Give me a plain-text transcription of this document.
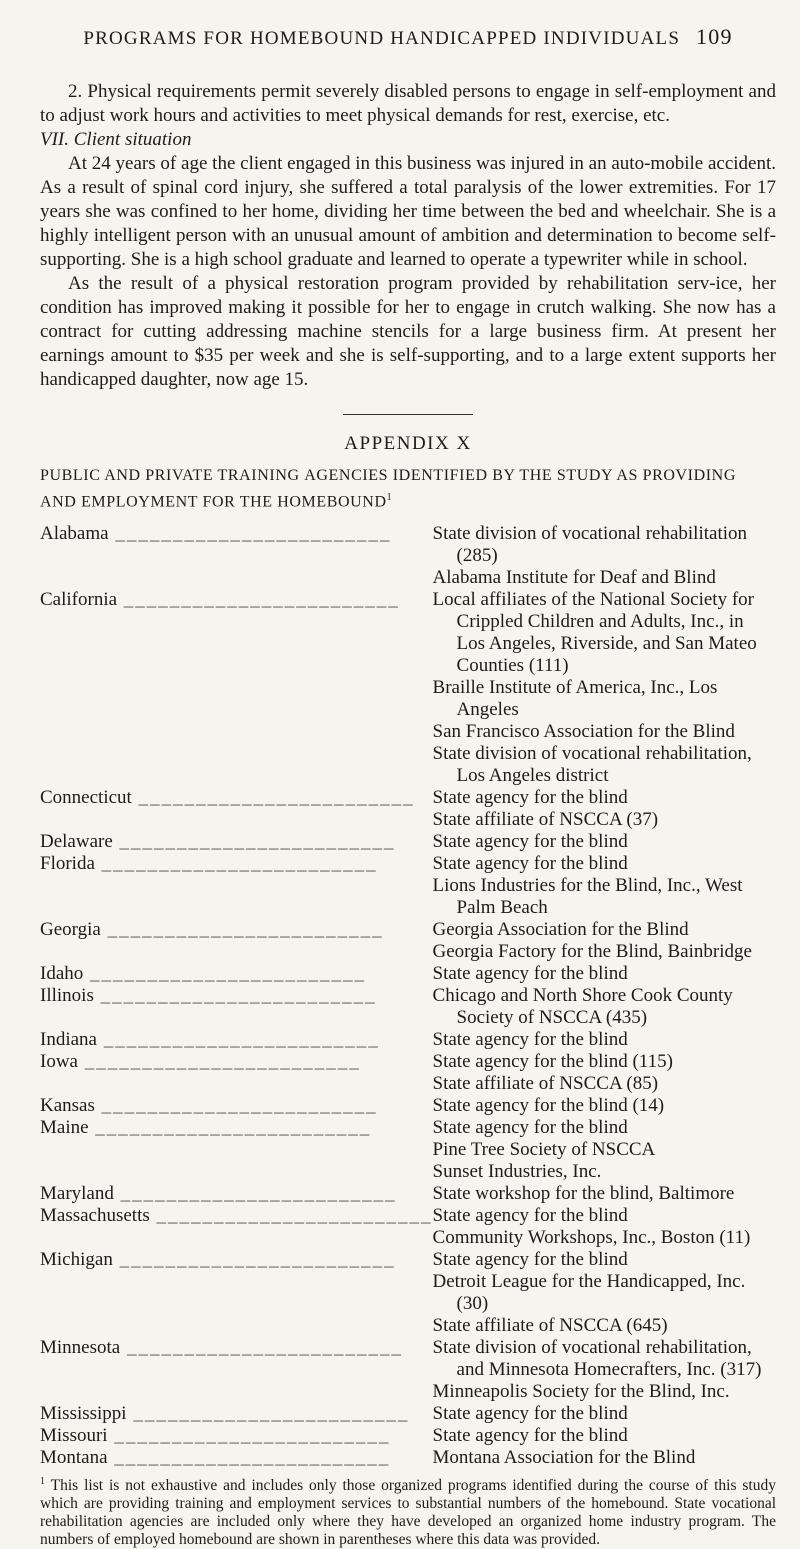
PROGRAMS FOR HOMEBOUND HANDICAPPED INDIVIDUALS 109

2. Physical requirements permit severely disabled persons to engage in self-employment and to adjust work hours and activities to meet physical demands for rest, exercise, etc.

VII. Client situation

At 24 years of age the client engaged in this business was injured in an auto-mobile accident. As a result of spinal cord injury, she suffered a total paralysis of the lower extremities. For 17 years she was confined to her home, dividing her time between the bed and wheelchair. She is a highly intelligent person with an unusual amount of ambition and determination to become self-supporting. She is a high school graduate and learned to operate a typewriter while in school.

As the result of a physical restoration program provided by rehabilitation serv-ice, her condition has improved making it possible for her to engage in crutch walking. She now has a contract for cutting addressing machine stencils for a large business firm. At present her earnings amount to $35 per week and she is self-supporting, and to a large extent supports her handicapped daughter, now age 15.

APPENDIX X
PUBLIC AND PRIVATE TRAINING AGENCIES IDENTIFIED BY THE STUDY AS PROVIDING AND EMPLOYMENT FOR THE HOMEBOUND$^1$
Alabama ________________________	State division of vocational rehabilitation (285)
Alabama Institute for Deaf and Blind

California ________________________	Local affiliates of the National Society for Crippled Children and Adults, Inc., in Los Angeles, Riverside, and San Mateo Counties (111)
Braille Institute of America, Inc., Los Angeles
San Francisco Association for the Blind
State division of vocational rehabilitation, Los Angeles district

Connecticut ________________________	State agency for the blind
State affiliate of NSCCA (37)

Delaware ________________________	State agency for the blind

Florida ________________________	State agency for the blind
Lions Industries for the Blind, Inc., West Palm Beach

Georgia ________________________	Georgia Association for the Blind
Georgia Factory for the Blind, Bainbridge

Idaho ________________________	State agency for the blind

Illinois ________________________	Chicago and North Shore Cook County Society of NSCCA (435)

Indiana ________________________	State agency for the blind

Iowa ________________________	State agency for the blind (115)
State affiliate of NSCCA (85)

Kansas ________________________	State agency for the blind (14)

Maine ________________________	State agency for the blind
Pine Tree Society of NSCCA
Sunset Industries, Inc.

Maryland ________________________	State workshop for the blind, Baltimore

Massachusetts ________________________	State agency for the blind
Community Workshops, Inc., Boston (11)

Michigan ________________________	State agency for the blind
Detroit League for the Handicapped, Inc. (30)
State affiliate of NSCCA (645)

Minnesota ________________________	State division of vocational rehabilitation, and Minnesota Homecrafters, Inc. (317)
Minneapolis Society for the Blind, Inc.

Mississippi ________________________	State agency for the blind

Missouri ________________________	State agency for the blind

Montana ________________________	Montana Association for the Blind

$^1$ This list is not exhaustive and includes only those organized programs identified during the course of this study which are providing training and employment services to substantial numbers of the homebound. State vocational rehabilitation agencies are included only where they have developed an organized home industry program. The numbers of employed homebound are shown in parentheses where this data was provided.
